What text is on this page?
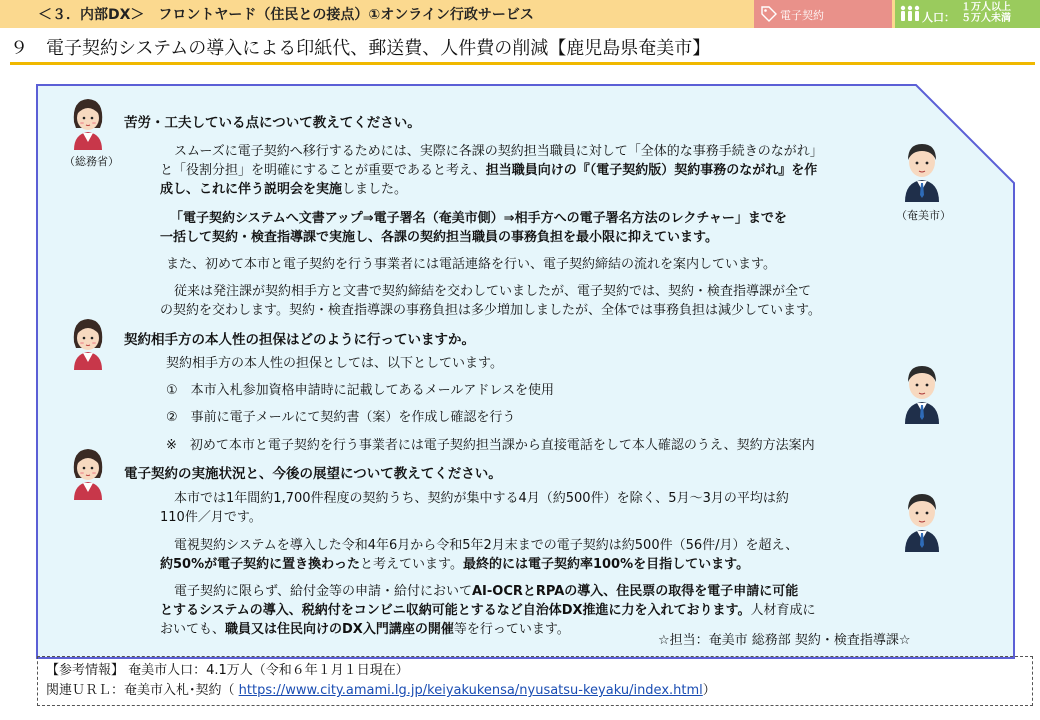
＜３．内部DX＞　フロントヤード（住民との接点）①オンライン行政サービス	電子契約	人口：
１万人以上
５万人未満
９　電子契約システムの導入による印紙代、郵送費、人件費の削減【鹿児島県奄美市】
（総務省）
（奄美市）
苦労・工夫している点について教えてください。
スムーズに電子契約へ移行するためには、実際に各課の契約担当職員に対して「全体的な事務手続きのながれ」
と「役割分担」を明確にすることが重要であると考え、担当職員向けの『（電子契約版）契約事務のながれ』を作
成し、これに伴う説明会を実施しました。
「電子契約システムへ文書アップ⇒電子署名（奄美市側）⇒相手方への電子署名方法のレクチャー」までを
一括して契約・検査指導課で実施し、各課の契約担当職員の事務負担を最小限に抑えています。
また、初めて本市と電子契約を行う事業者には電話連絡を行い、電子契約締結の流れを案内しています。
従来は発注課が契約相手方と文書で契約締結を交わしていましたが、電子契約では、契約・検査指導課が全て
の契約を交わします。契約・検査指導課の事務負担は多少増加しましたが、全体では事務負担は減少しています。
契約相手方の本人性の担保はどのように行っていますか。
契約相手方の本人性の担保としては、以下としています。
①　本市入札参加資格申請時に記載してあるメールアドレスを使用
②　事前に電子メールにて契約書（案）を作成し確認を行う
※　初めて本市と電子契約を行う事業者には電子契約担当課から直接電話をして本人確認のうえ、契約方法案内
電子契約の実施状況と、今後の展望について教えてください。
本市では1年間約1,700件程度の契約うち、契約が集中する4月（約500件）を除く、5月～3月の平均は約
110件／月です。
電視契約システムを導入した令和4年6月から令和5年2月末までの電子契約は約500件（56件/月）を超え、
約50%が電子契約に置き換わったと考えています。最終的には電子契約率100%を目指しています。
電子契約に限らず、給付金等の申請・給付においてAI-OCRとRPAの導入、住民票の取得を電子申請に可能
とするシステムの導入、税納付をコンビニ収納可能とするなど自治体DX推進に力を入れております。人材育成に
おいても、職員又は住民向けのDX入門講座の開催等を行っています。
☆担当：奄美市 総務部 契約・検査指導課☆
【参考情報】 奄美市人口：4.1万人（令和６年１月１日現在）
関連ＵＲＬ：奄美市入札･契約（ https://www.city.amami.lg.jp/keiyakukensa/nyusatsu-keyaku/index.html）
